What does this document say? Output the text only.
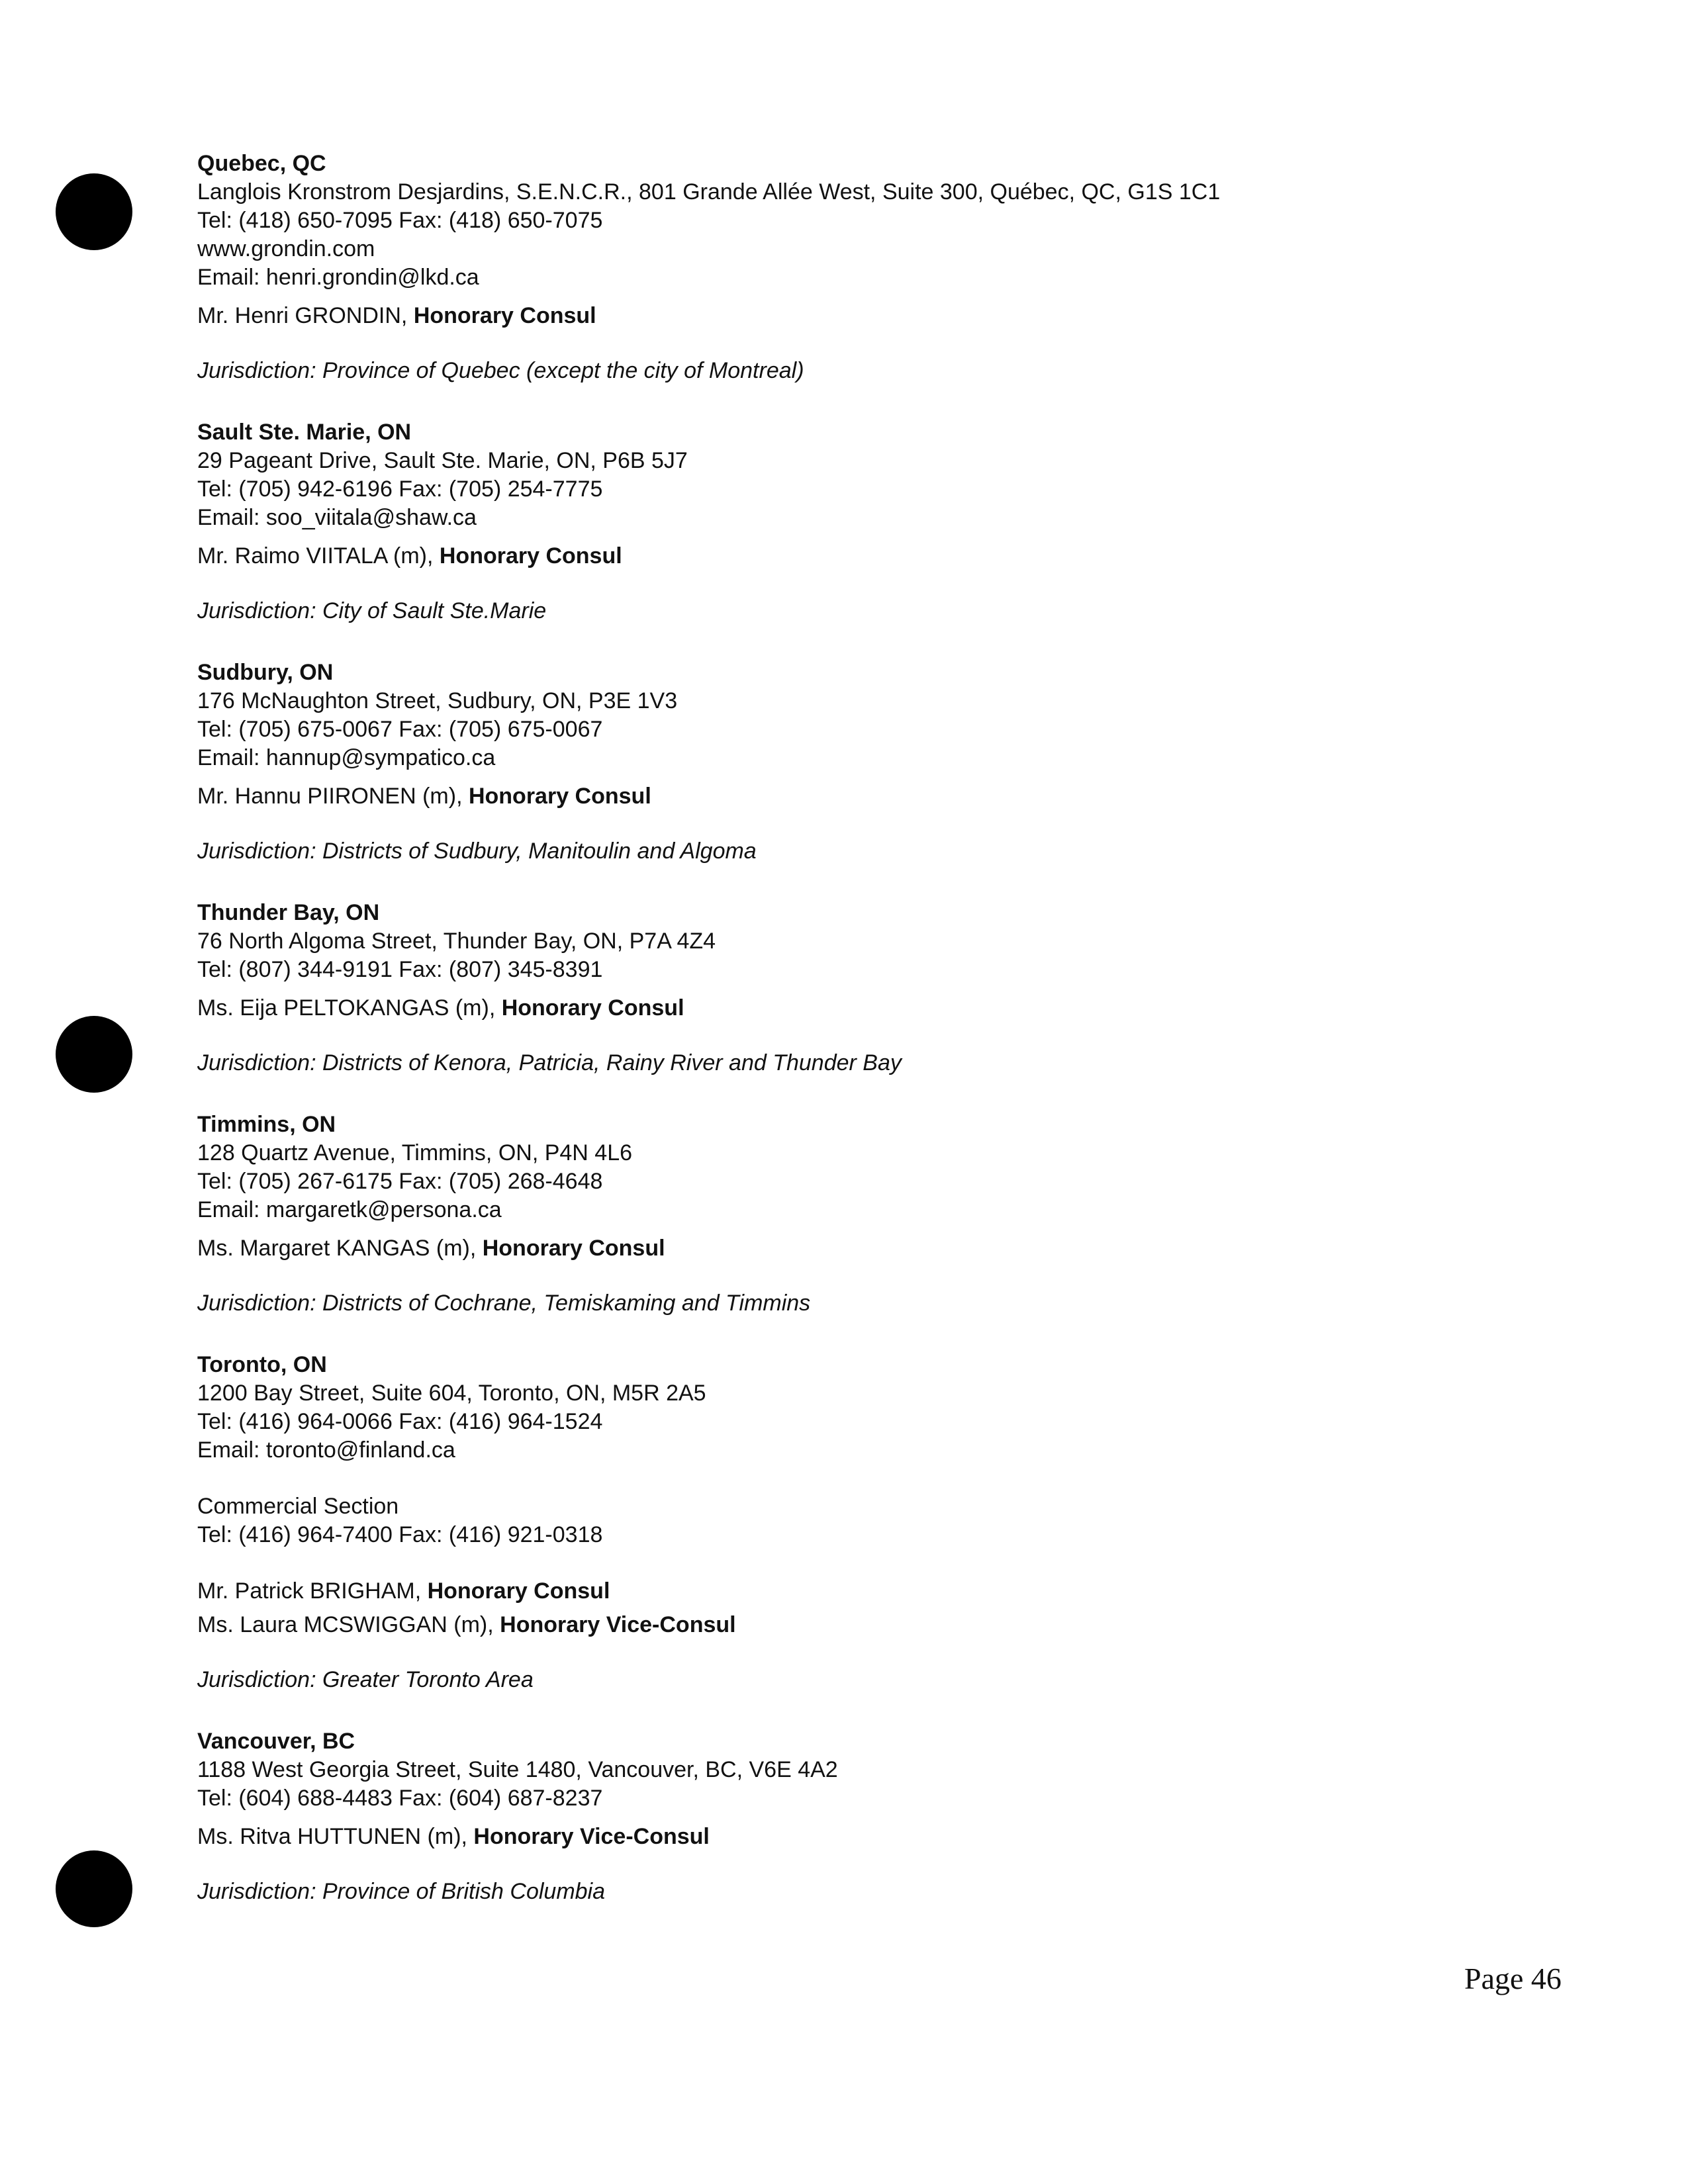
Quebec, QC
Langlois Kronstrom Desjardins, S.E.N.C.R., 801 Grande Allée West, Suite 300, Québec, QC, G1S 1C1
Tel: (418) 650-7095 Fax: (418) 650-7075
www.grondin.com
Email: henri.grondin@lkd.ca
Mr. Henri GRONDIN, Honorary Consul
Jurisdiction: Province of Quebec (except the city of Montreal)
Sault Ste. Marie, ON
29 Pageant Drive, Sault Ste. Marie, ON, P6B 5J7
Tel: (705) 942-6196 Fax: (705) 254-7775
Email: soo_viitala@shaw.ca
Mr. Raimo VIITALA (m), Honorary Consul
Jurisdiction: City of Sault Ste.Marie
Sudbury, ON
176 McNaughton Street, Sudbury, ON, P3E 1V3
Tel: (705) 675-0067 Fax: (705) 675-0067
Email: hannup@sympatico.ca
Mr. Hannu PIIRONEN (m), Honorary Consul
Jurisdiction: Districts of Sudbury, Manitoulin and Algoma
Thunder Bay, ON
76 North Algoma Street, Thunder Bay, ON, P7A 4Z4
Tel: (807) 344-9191 Fax: (807) 345-8391
Ms. Eija PELTOKANGAS (m), Honorary Consul
Jurisdiction: Districts of Kenora, Patricia, Rainy River and Thunder Bay
Timmins, ON
128 Quartz Avenue, Timmins, ON, P4N 4L6
Tel: (705) 267-6175 Fax: (705) 268-4648
Email: margaretk@persona.ca
Ms. Margaret KANGAS (m), Honorary Consul
Jurisdiction: Districts of Cochrane, Temiskaming and Timmins
Toronto, ON
1200 Bay Street, Suite 604, Toronto, ON, M5R 2A5
Tel: (416) 964-0066 Fax: (416) 964-1524
Email: toronto@finland.ca
Commercial Section
Tel: (416) 964-7400 Fax: (416) 921-0318
Mr. Patrick BRIGHAM, Honorary Consul
Ms. Laura MCSWIGGAN (m), Honorary Vice-Consul
Jurisdiction: Greater Toronto Area
Vancouver, BC
1188 West Georgia Street, Suite 1480, Vancouver, BC, V6E 4A2
Tel: (604) 688-4483 Fax: (604) 687-8237
Ms. Ritva HUTTUNEN (m), Honorary Vice-Consul
Jurisdiction: Province of British Columbia
Page 46
